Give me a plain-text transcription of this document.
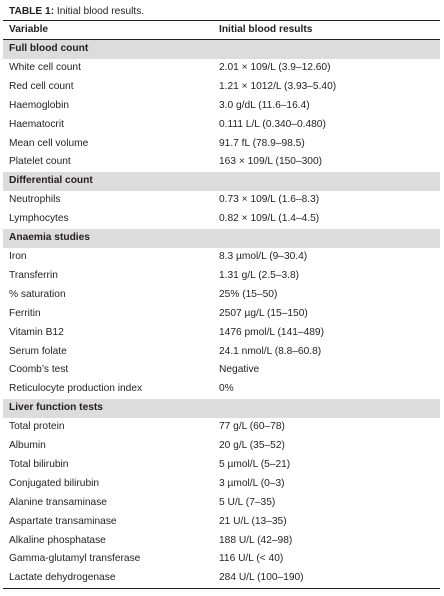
TABLE 1: Initial blood results.
Variable	Initial blood results
Full blood count	
White cell count	2.01 × 109/L (3.9–12.60)
Red cell count	1.21 × 1012/L (3.93–5.40)
Haemoglobin	3.0 g/dL (11.6–16.4)
Haematocrit	0.111 L/L (0.340–0.480)
Mean cell volume	91.7 fL (78.9–98.5)
Platelet count	163 × 109/L (150–300)
Differential count	
Neutrophils	0.73 × 109/L (1.6–8.3)
Lymphocytes	0.82 × 109/L (1.4–4.5)
Anaemia studies	
Iron	8.3 µmol/L (9–30.4)
Transferrin	1.31 g/L (2.5–3.8)
% saturation	25% (15–50)
Ferritin	2507 µg/L (15–150)
Vitamin B12	1476 pmol/L (141–489)
Serum folate	24.1 nmol/L (8.8–60.8)
Coomb’s test	Negative
Reticulocyte production index	0%
Liver function tests	
Total protein	77 g/L (60–78)
Albumin	20 g/L (35–52)
Total bilirubin	5 µmol/L (5–21)
Conjugated bilirubin	3 µmol/L (0–3)
Alanine transaminase	5 U/L (7–35)
Aspartate transaminase	21 U/L (13–35)
Alkaline phosphatase	188 U/L (42–98)
Gamma-glutamyl transferase	116 U/L (< 40)
Lactate dehydrogenase	284 U/L (100–190)
